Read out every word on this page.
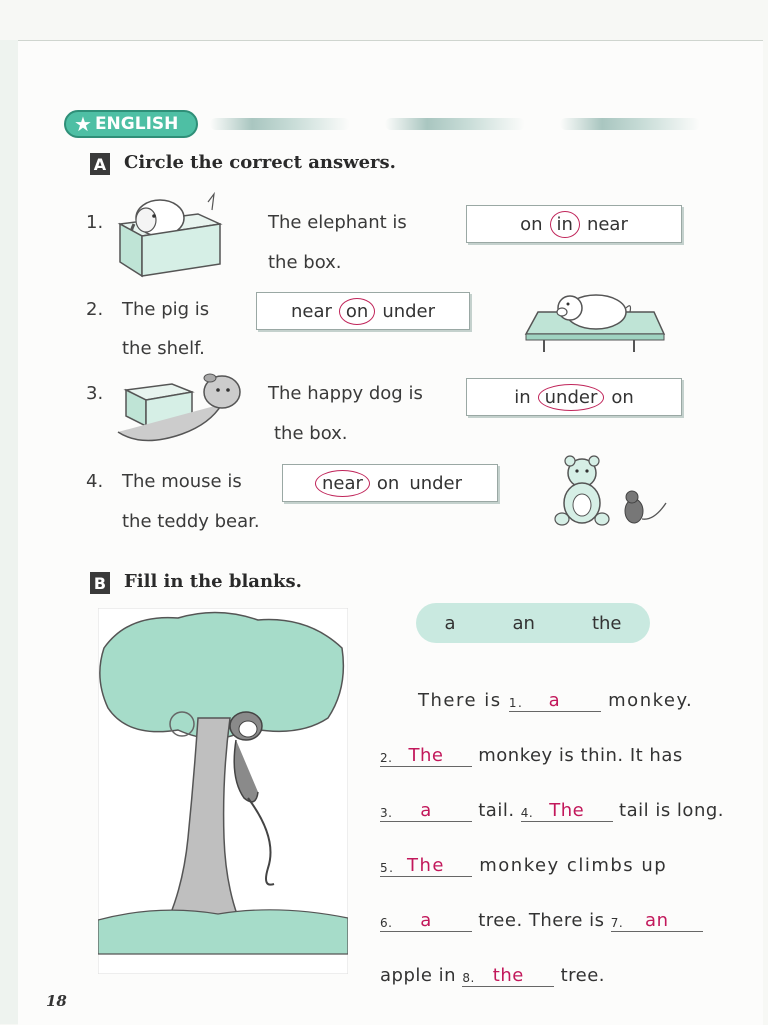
★ ENGLISH
A Circle the correct answers.
1.	The elephant is
the box.
on in near
2. The pig is
the shelf.
near on under
3.	The happy dog is
the box.
in under on
4. The mouse is
the teddy bear.
near on under
B Fill in the blanks.
a	an	the
There is 1. a	monkey.
2. The monkey is thin. It has
3. a	tail. 4. The tail is long.
5. The monkey climbs up
6. a	tree. There is 7. an
apple in 8. the tree.
18
